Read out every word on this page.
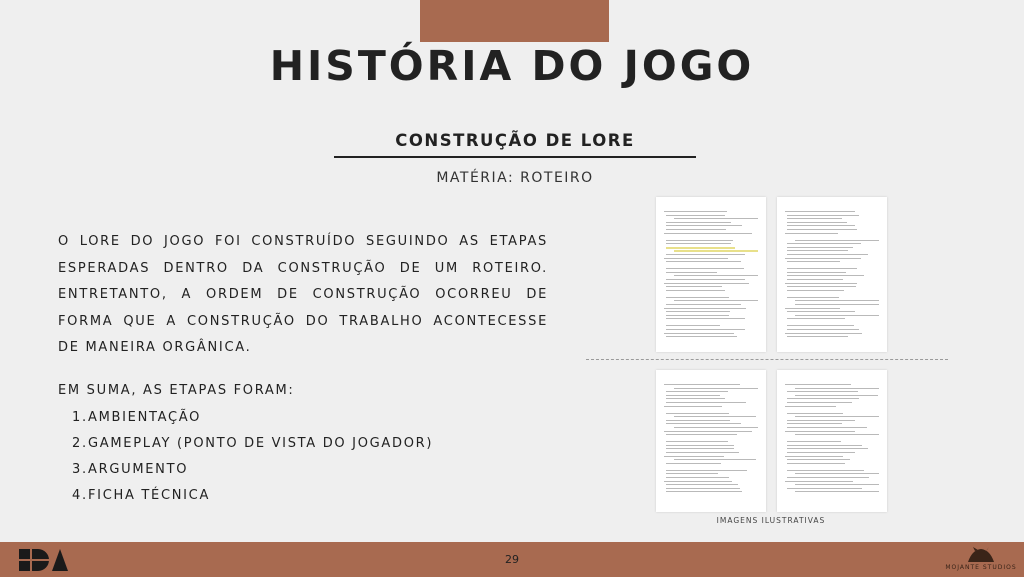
HISTÓRIA DO JOGO
CONSTRUÇÃO DE LORE
MATÉRIA: ROTEIRO

O LORE DO JOGO FOI CONSTRUÍDO SEGUINDO AS ETAPAS ESPERADAS DENTRO DA CONSTRUÇÃO DE UM ROTEIRO. ENTRETANTO, A ORDEM DE CONSTRUÇÃO OCORREU DE FORMA QUE A CONSTRUÇÃO DO TRABALHO ACONTECESSE DE MANEIRA ORGÂNICA.

EM SUMA, AS ETAPAS FORAM:
1.AMBIENTAÇÃO
2.GAMEPLAY (PONTO DE VISTA DO JOGADOR)
3.ARGUMENTO
4.FICHA TÉCNICA
IMAGENS ILUSTRATIVAS
29
MOJANTE STUDIOS
